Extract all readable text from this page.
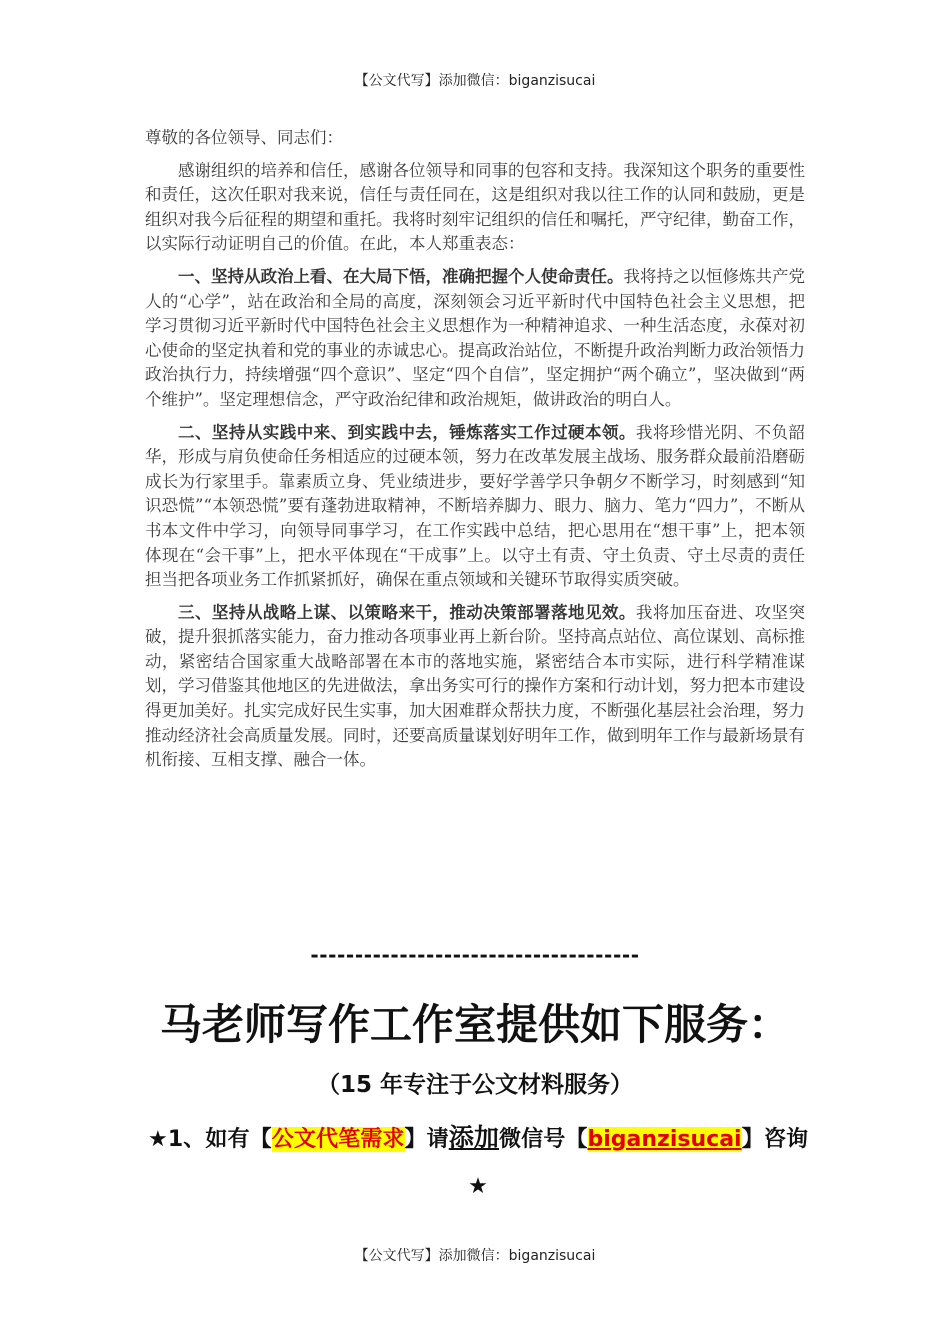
【公文代写】添加微信：biganzisucai

尊敬的各位领导、同志们：

感谢组织的培养和信任，感谢各位领导和同事的包容和支持。我深知这个职务的重要性和责任，这次任职对我来说，信任与责任同在，这是组织对我以往工作的认同和鼓励，更是组织对我今后征程的期望和重托。我将时刻牢记组织的信任和嘱托，严守纪律，勤奋工作，以实际行动证明自己的价值。在此，本人郑重表态：

一、坚持从政治上看、在大局下悟，准确把握个人使命责任。我将持之以恒修炼共产党人的“心学”，站在政治和全局的高度，深刻领会习近平新时代中国特色社会主义思想，把学习贯彻习近平新时代中国特色社会主义思想作为一种精神追求、一种生活态度，永葆对初心使命的坚定执着和党的事业的赤诚忠心。提高政治站位，不断提升政治判断力政治领悟力政治执行力，持续增强“四个意识”、坚定“四个自信”，坚定拥护“两个确立”，坚决做到“两个维护”。坚定理想信念，严守政治纪律和政治规矩，做讲政治的明白人。

二、坚持从实践中来、到实践中去，锤炼落实工作过硬本领。我将珍惜光阴、不负韶华，形成与肩负使命任务相适应的过硬本领，努力在改革发展主战场、服务群众最前沿磨砺成长为行家里手。靠素质立身、凭业绩进步，要好学善学只争朝夕不断学习，时刻感到“知识恐慌”“本领恐慌”要有蓬勃进取精神，不断培养脚力、眼力、脑力、笔力“四力”，不断从书本文件中学习，向领导同事学习，在工作实践中总结，把心思用在“想干事”上，把本领体现在“会干事”上，把水平体现在“干成事”上。以守土有责、守土负责、守土尽责的责任担当把各项业务工作抓紧抓好，确保在重点领域和关键环节取得实质突破。

三、坚持从战略上谋、以策略来干，推动决策部署落地见效。我将加压奋进、攻坚突破，提升狠抓落实能力，奋力推动各项事业再上新台阶。坚持高点站位、高位谋划、高标推动，紧密结合国家重大战略部署在本市的落地实施，紧密结合本市实际，进行科学精准谋划，学习借鉴其他地区的先进做法，拿出务实可行的操作方案和行动计划，努力把本市建设得更加美好。扎实完成好民生实事，加大困难群众帮扶力度，不断强化基层社会治理，努力推动经济社会高质量发展。同时，还要高质量谋划好明年工作，做到明年工作与最新场景有机衔接、互相支撑、融合一体。

-------------------------------------
马老师写作工作室提供如下服务：
（15 年专注于公文材料服务）
★1、如有【公文代笔需求】请添加微信号【biganzisucai】咨询★
【公文代写】添加微信：biganzisucai
